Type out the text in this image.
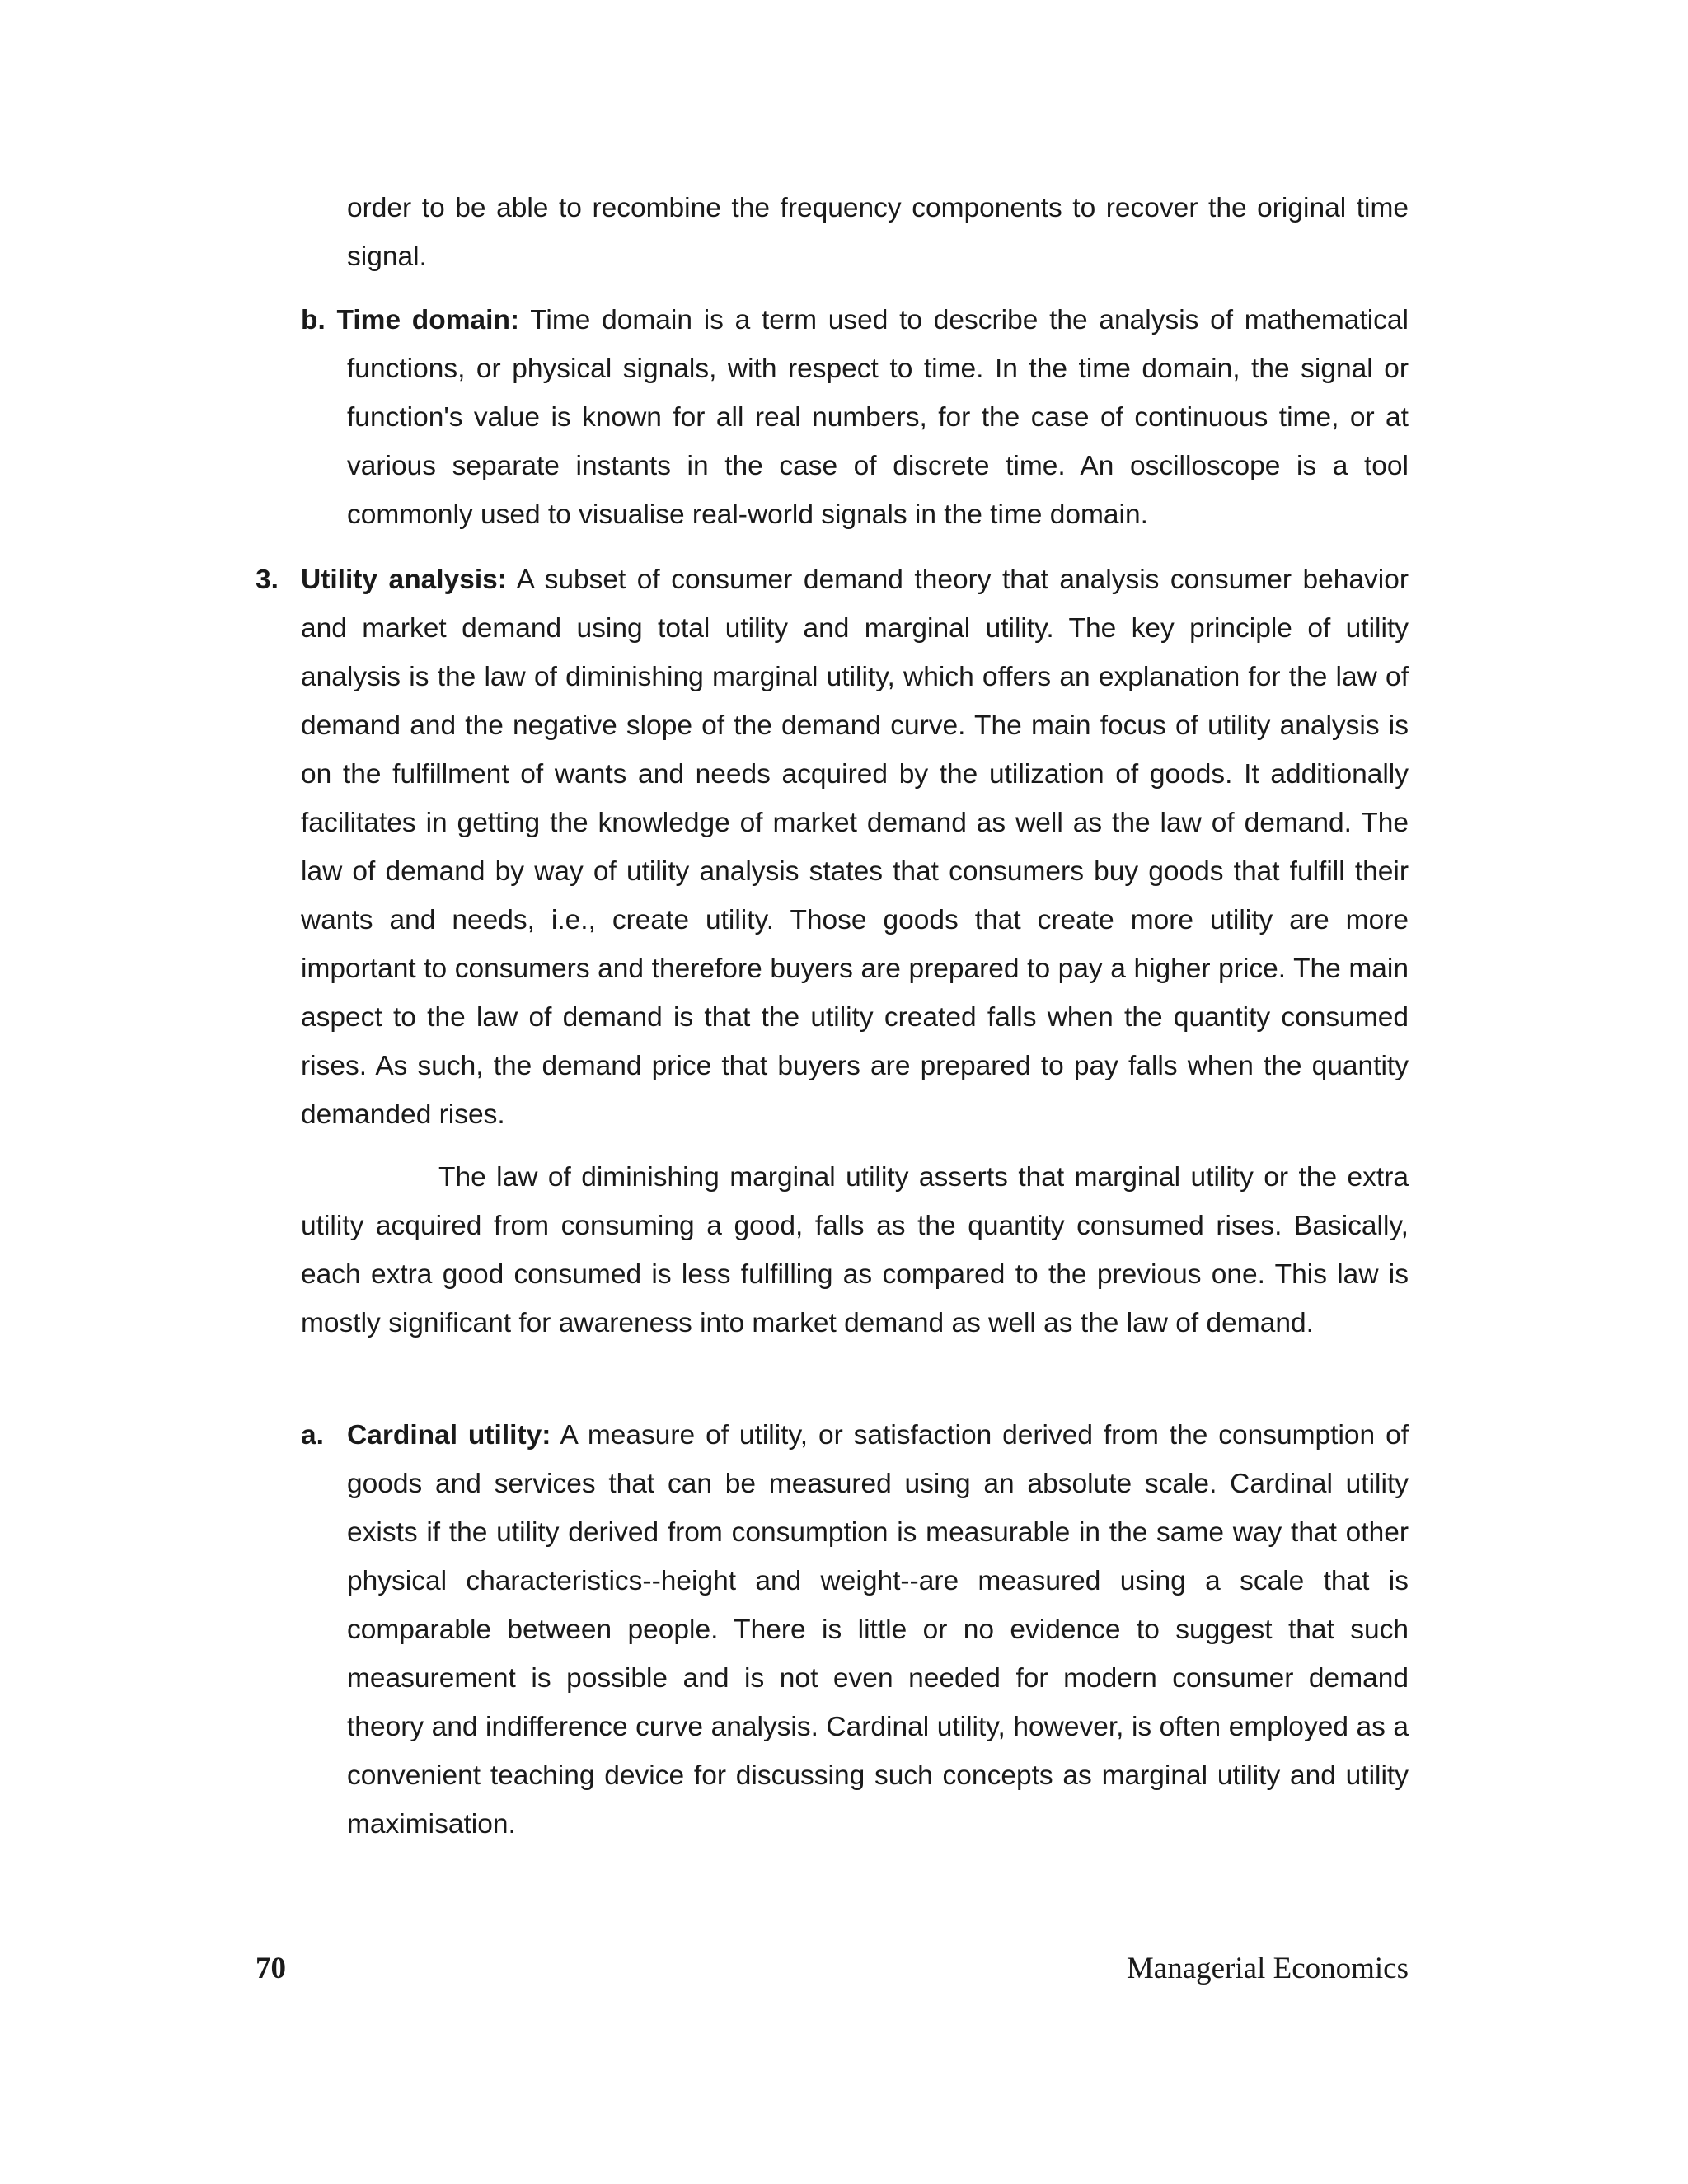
order to be able to recombine the frequency components to recover the original time signal.

b. Time domain: Time domain is a term used to describe the analysis of mathematical functions, or physical signals, with respect to time. In the time domain, the signal or function's value is known for all real numbers, for the case of continuous time, or at various separate instants in the case of discrete time. An oscilloscope is a tool commonly used to visualise real-world signals in the time domain.

3. Utility analysis: A subset of consumer demand theory that analysis consumer behavior and market demand using total utility and marginal utility. The key principle of utility analysis is the law of diminishing marginal utility, which offers an explanation for the law of demand and the negative slope of the demand curve. The main focus of utility analysis is on the fulfillment of wants and needs acquired by the utilization of goods. It additionally facilitates in getting the knowledge of market demand as well as the law of demand. The law of demand by way of utility analysis states that consumers buy goods that fulfill their wants and needs, i.e., create utility. Those goods that create more utility are more important to consumers and therefore buyers are prepared to pay a higher price. The main aspect to the law of demand is that the utility created falls when the quantity consumed rises. As such, the demand price that buyers are prepared to pay falls when the quantity demanded rises.

The law of diminishing marginal utility asserts that marginal utility or the extra utility acquired from consuming a good, falls as the quantity consumed rises. Basically, each extra good consumed is less fulfilling as compared to the previous one. This law is mostly significant for awareness into market demand as well as the law of demand.

a. Cardinal utility: A measure of utility, or satisfaction derived from the consumption of goods and services that can be measured using an absolute scale. Cardinal utility exists if the utility derived from consumption is measurable in the same way that other physical characteristics--height and weight--are measured using a scale that is comparable between people. There is little or no evidence to suggest that such measurement is possible and is not even needed for modern consumer demand theory and indifference curve analysis. Cardinal utility, however, is often employed as a convenient teaching device for discussing such concepts as marginal utility and utility maximisation.

70	Managerial Economics
